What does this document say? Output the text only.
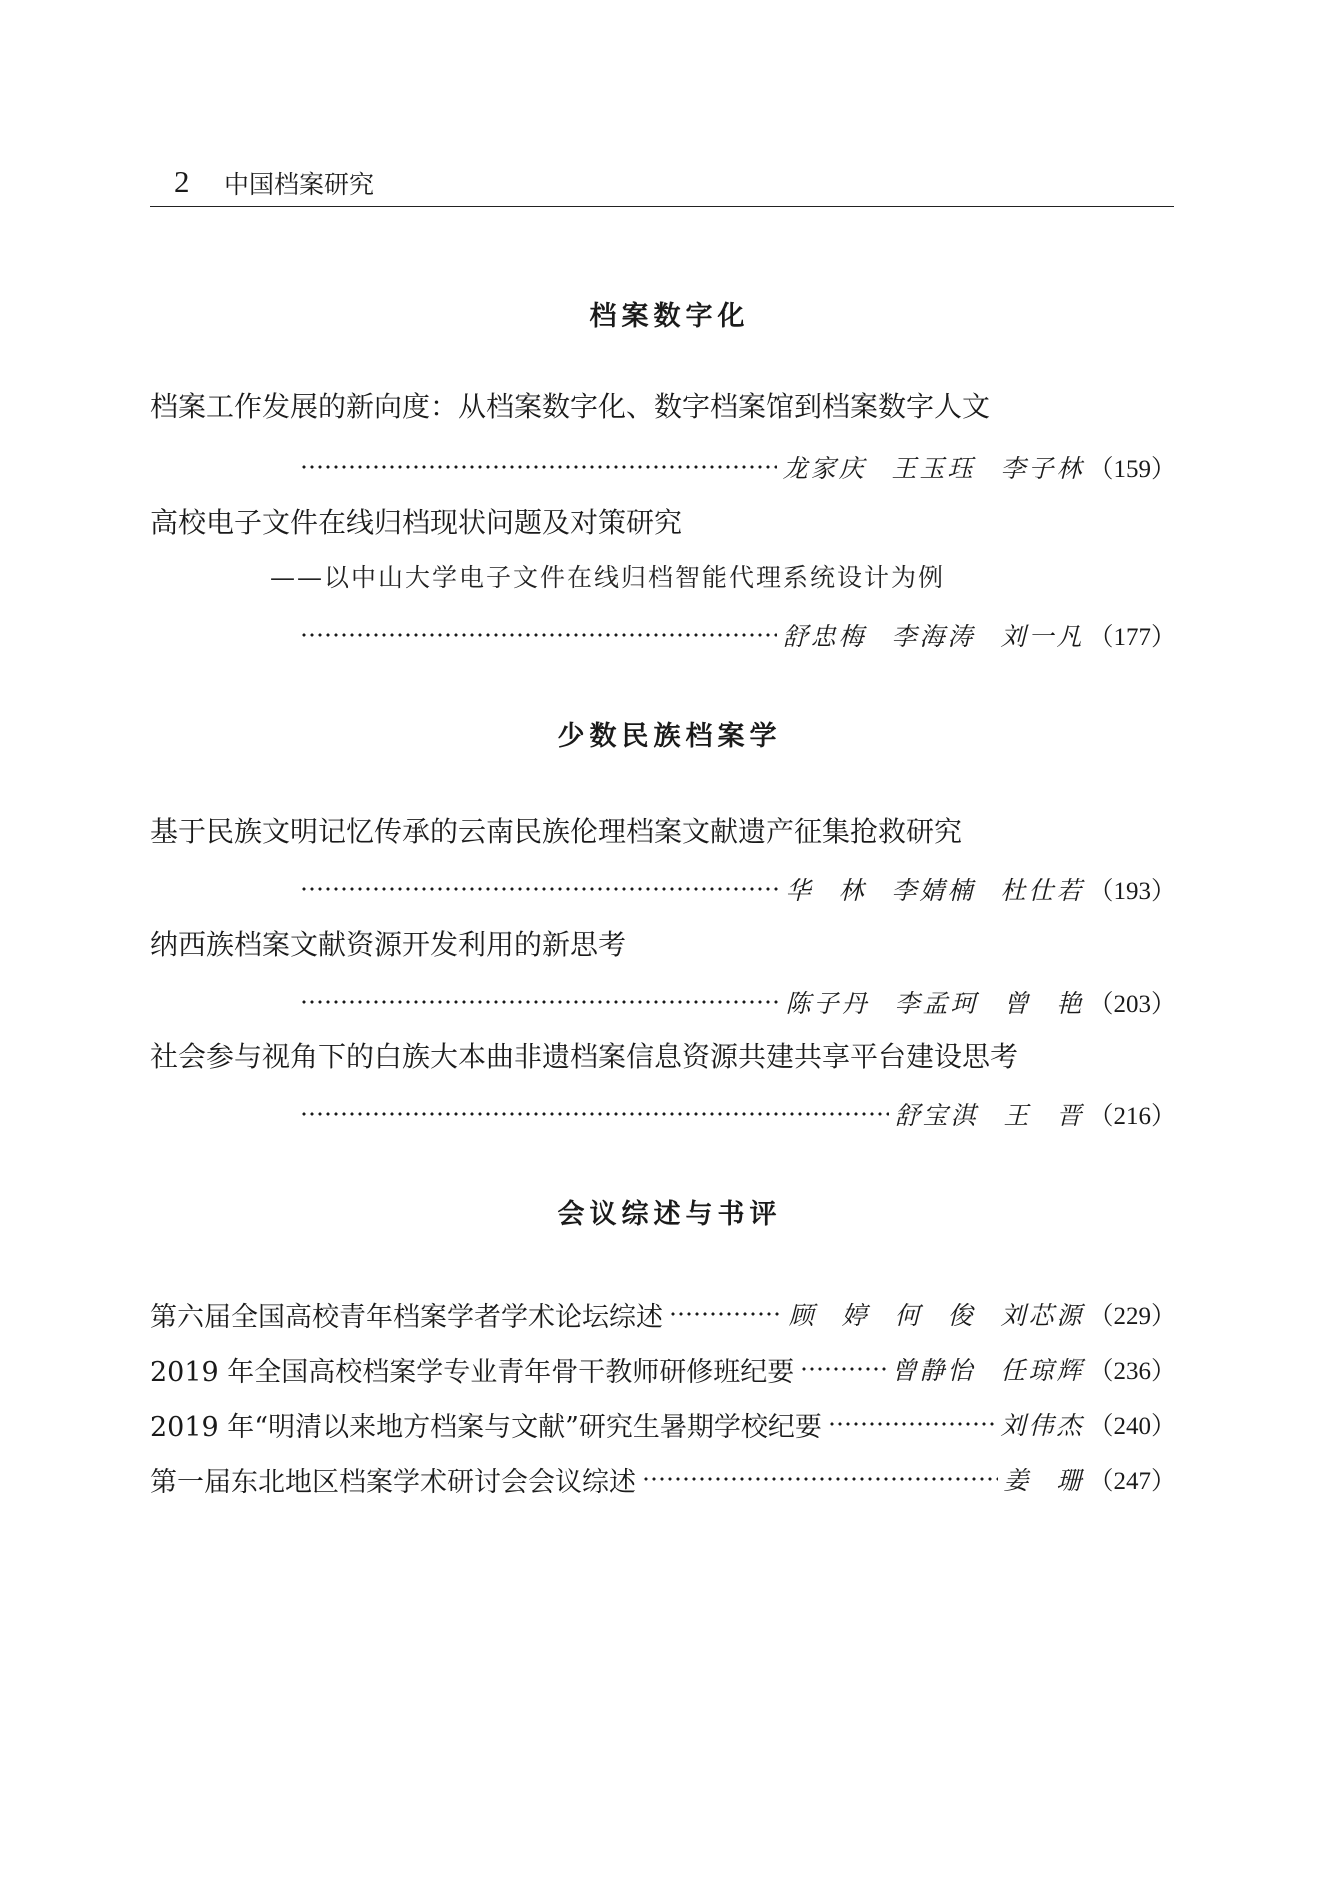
2 中国档案研究
档案数字化
档案工作发展的新向度：从档案数字化、数字档案馆到档案数字人文
龙家庆 王玉珏 李子林 （159）
高校电子文件在线归档现状问题及对策研究
——以中山大学电子文件在线归档智能代理系统设计为例
舒忠梅 李海涛 刘一凡 （177）
少数民族档案学
基于民族文明记忆传承的云南民族伦理档案文献遗产征集抢救研究
华 林 李婧楠 杜仕若 （193）
纳西族档案文献资源开发利用的新思考
陈子丹 李孟珂 曾 艳 （203）
社会参与视角下的白族大本曲非遗档案信息资源共建共享平台建设思考
舒宝淇 王 晋 （216）
会议综述与书评
第六届全国高校青年档案学者学术论坛综述	顾 婷 何 俊 刘芯源 （229）
2019 年全国高校档案学专业青年骨干教师研修班纪要	曾静怡 任琼辉 （236）
2019 年“明清以来地方档案与文献”研究生暑期学校纪要	刘伟杰 （240）
第一届东北地区档案学术研讨会会议综述	姜 珊 （247）
